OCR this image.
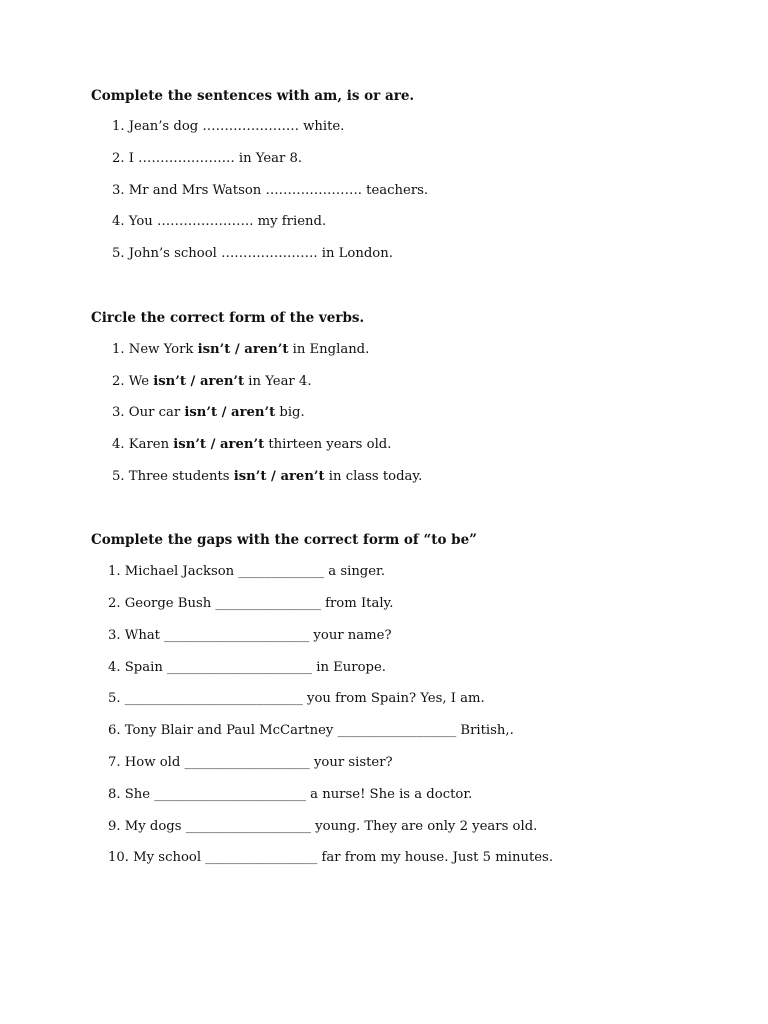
Complete the sentences with am, is or are.
1. Jean’s dog …………………. white.
2. I …………………. in Year 8.
3. Mr and Mrs Watson …………………. teachers.
4. You …………………. my friend.
5. John’s school …………………. in London.
Circle the correct form of the verbs.
1. New York isn’t / aren’t in England.
2. We isn’t / aren’t in Year 4.
3. Our car isn’t / aren’t big.
4. Karen isn’t / aren’t thirteen years old.
5. Three students isn’t / aren’t in class today.
Complete the gaps with the correct form of “to be”
1. Michael Jackson _____________ a singer.
2. George Bush ________________ from Italy.
3. What ______________________ your name?
4. Spain ______________________ in Europe.
5. ___________________________ you from Spain? Yes, I am.
6. Tony Blair and Paul McCartney __________________ British,.
7. How old ___________________ your sister?
8. She _______________________ a nurse! She is a doctor.
9. My dogs ___________________ young. They are only 2 years old.
10. My school _________________ far from my house. Just 5 minutes.
